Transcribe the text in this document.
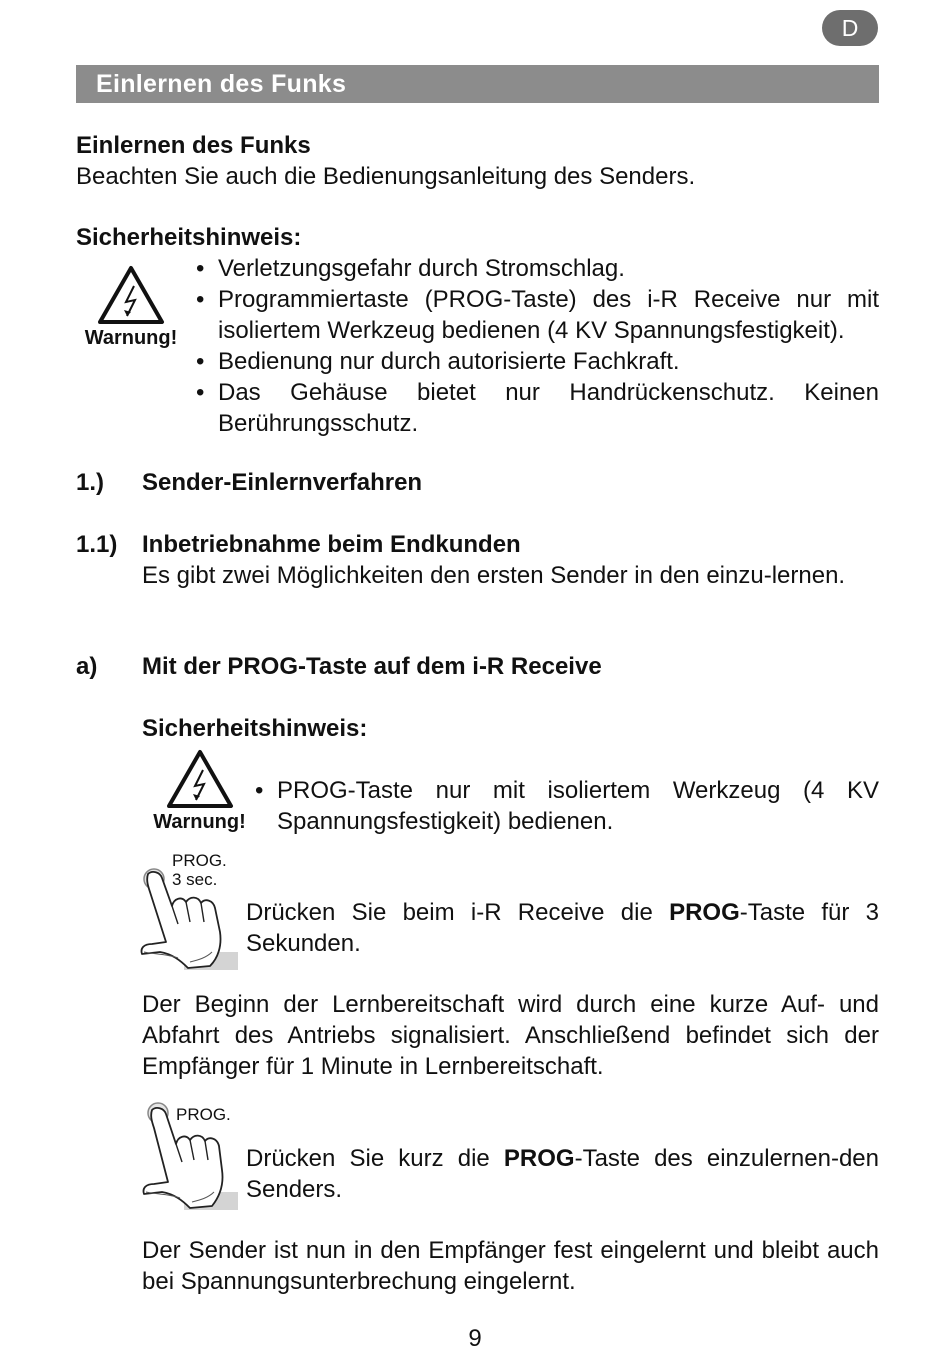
D
Einlernen des Funks
Einlernen des Funks
Beachten Sie auch die Bedienungsanleitung des Senders.
Sicherheitshinweis:
Warnung!
• Verletzungsgefahr durch Stromschlag.
• Programmiertaste (PROG-Taste) des i-R Receive nur mit isoliertem Werkzeug bedienen (4 KV Spannungsfestigkeit).
• Bedienung nur durch autorisierte Fachkraft.
• Das Gehäuse bietet nur Handrückenschutz. Keinen Berührungsschutz.
1.) Sender-Einlernverfahren
1.1) Inbetriebnahme beim Endkunden
Es gibt zwei Möglichkeiten den ersten Sender in den einzu-lernen.
a) Mit der PROG-Taste auf dem i-R Receive
Sicherheitshinweis:
Warnung!
• PROG-Taste nur mit isoliertem Werkzeug (4 KV Spannungsfestigkeit) bedienen.
PROG.
3 sec.
Drücken Sie beim i-R Receive die PROG-Taste für 3 Sekunden.
Der Beginn der Lernbereitschaft wird durch eine kurze Auf- und Abfahrt des Antriebs signalisiert. Anschließend befindet sich der Empfänger für 1 Minute in Lernbereitschaft.
PROG.
Drücken Sie kurz die PROG-Taste des einzulernen-den Senders.
Der Sender ist nun in den Empfänger fest eingelernt und bleibt auch bei Spannungsunterbrechung eingelernt.
9
